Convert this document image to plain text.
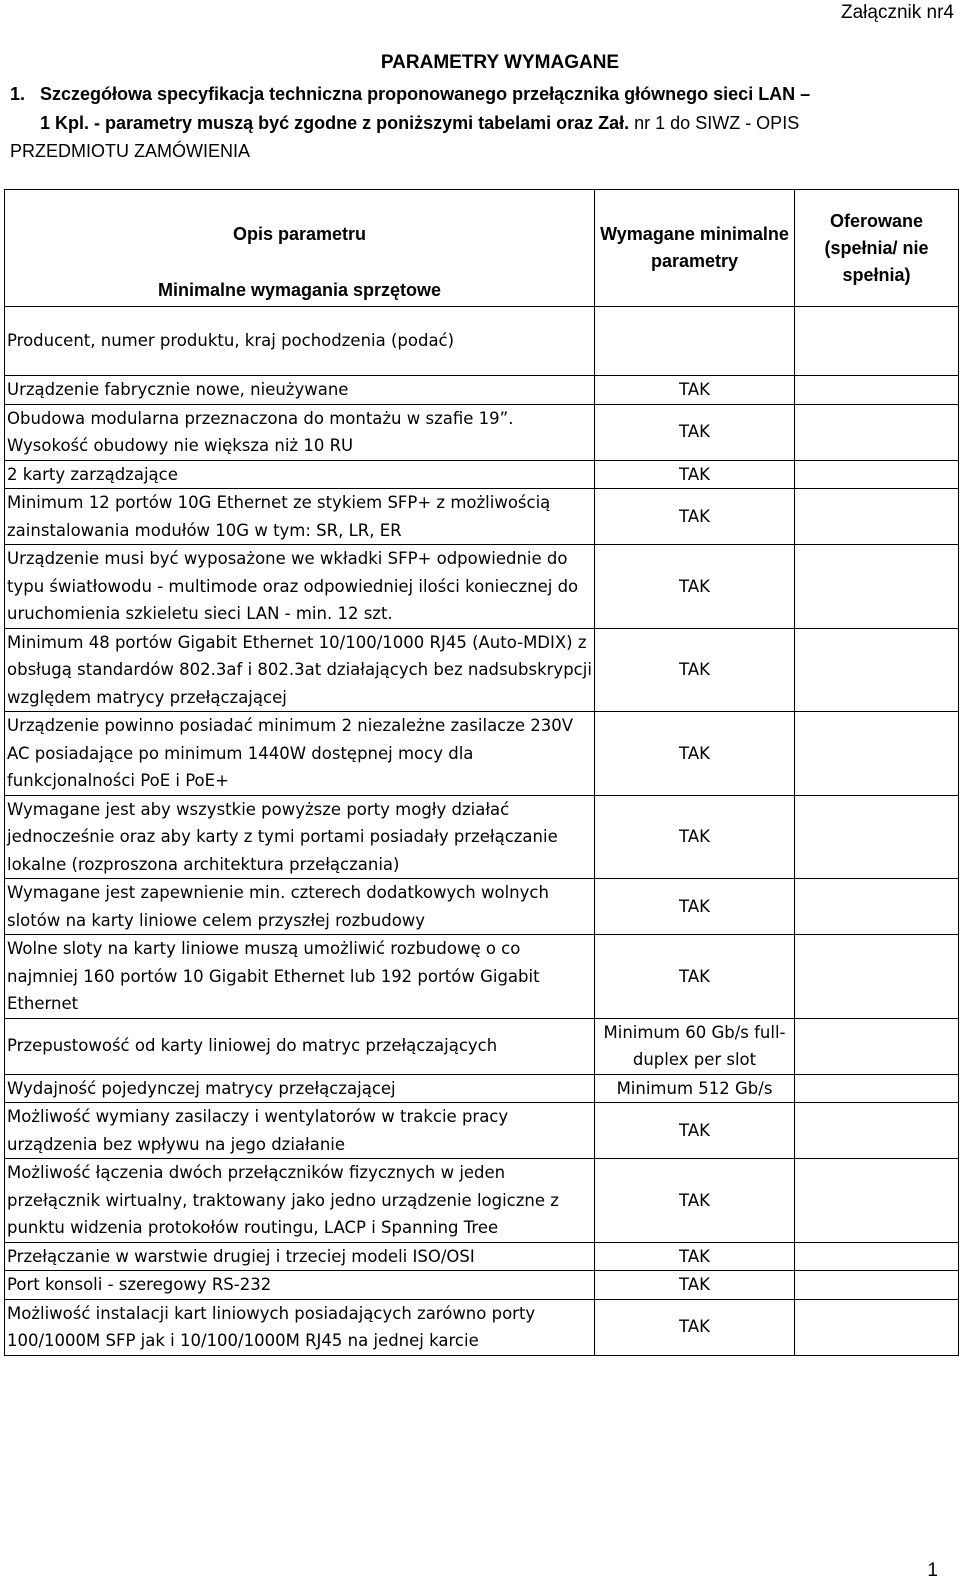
Załącznik nr4
PARAMETRY WYMAGANE
1. Szczegółowa specyfikacja techniczna proponowanego przełącznika głównego sieci LAN –
1 Kpl. - parametry muszą być zgodne z poniższymi tabelami oraz Zał. nr 1 do SIWZ - OPIS
PRZEDMIOTU ZAMÓWIENIA
Opis parametru
Minimalne wymagania sprzętowe	Wymagane minimalne parametry	Oferowane (spełnia/ nie spełnia)
Producent, numer produktu, kraj pochodzenia (podać)		
Urządzenie fabrycznie nowe, nieużywane	TAK	
Obudowa modularna przeznaczona do montażu w szafie 19”. Wysokość obudowy nie większa niż 10 RU	TAK	
2 karty zarządzające	TAK	
Minimum 12 portów 10G Ethernet ze stykiem SFP+ z możliwością zainstalowania modułów 10G w tym: SR, LR, ER	TAK	
Urządzenie musi być wyposażone we wkładki SFP+ odpowiednie do typu światłowodu - multimode oraz odpowiedniej ilości koniecznej do uruchomienia szkieletu sieci LAN - min. 12 szt.	TAK	
Minimum 48 portów Gigabit Ethernet 10/100/1000 RJ45 (Auto-MDIX) z obsługą standardów 802.3af i 802.3at działających bez nadsubskrypcji względem matrycy przełączającej	TAK	
Urządzenie powinno posiadać minimum 2 niezależne zasilacze 230V AC posiadające po minimum 1440W dostępnej mocy dla funkcjonalności PoE i PoE+	TAK	
Wymagane jest aby wszystkie powyższe porty mogły działać jednocześnie oraz aby karty z tymi portami posiadały przełączanie lokalne (rozproszona architektura przełączania)	TAK	
Wymagane jest zapewnienie min. czterech dodatkowych wolnych slotów na karty liniowe celem przyszłej rozbudowy	TAK	
Wolne sloty na karty liniowe muszą umożliwić rozbudowę o co najmniej 160 portów 10 Gigabit Ethernet lub 192 portów Gigabit Ethernet	TAK	
Przepustowość od karty liniowej do matryc przełączających	Minimum 60 Gb/s full-duplex per slot	
Wydajność pojedynczej matrycy przełączającej	Minimum 512 Gb/s	
Możliwość wymiany zasilaczy i wentylatorów w trakcie pracy urządzenia bez wpływu na jego działanie	TAK	
Możliwość łączenia dwóch przełączników fizycznych w jeden przełącznik wirtualny, traktowany jako jedno urządzenie logiczne z punktu widzenia protokołów routingu, LACP i Spanning Tree	TAK	
Przełączanie w warstwie drugiej i trzeciej modeli ISO/OSI	TAK	
Port konsoli - szeregowy RS-232	TAK	
Możliwość instalacji kart liniowych posiadających zarówno porty 100/1000M SFP jak i 10/100/1000M RJ45 na jednej karcie	TAK	
1
